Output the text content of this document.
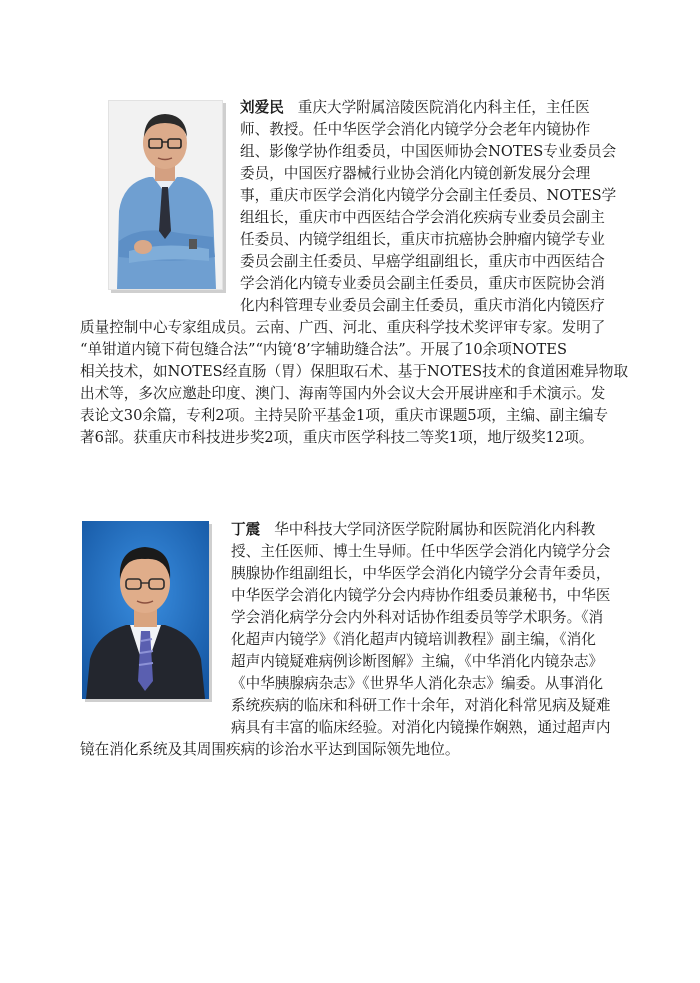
刘爱民 重庆大学附属涪陵医院消化内科主任，主任医
师、教授。任中华医学会消化内镜学分会老年内镜协作
组、影像学协作组委员，中国医师协会NOTES专业委员会
委员，中国医疗器械行业协会消化内镜创新发展分会理
事，重庆市医学会消化内镜学分会副主任委员、NOTES学
组组长，重庆市中西医结合学会消化疾病专业委员会副主
任委员、内镜学组组长，重庆市抗癌协会肿瘤内镜学专业
委员会副主任委员、早癌学组副组长，重庆市中西医结合
学会消化内镜专业委员会副主任委员，重庆市医院协会消
化内科管理专业委员会副主任委员，重庆市消化内镜医疗
质量控制中心专家组成员。云南、广西、河北、重庆科学技术奖评审专家。发明了
“单钳道内镜下荷包缝合法”“内镜‘8’字辅助缝合法”。开展了10余项NOTES
相关技术，如NOTES经直肠（胃）保胆取石术、基于NOTES技术的食道困难异物取
出术等，多次应邀赴印度、澳门、海南等国内外会议大会开展讲座和手术演示。发
表论文30余篇，专利2项。主持吴阶平基金1项，重庆市课题5项，主编、副主编专
著6部。获重庆市科技进步奖2项，重庆市医学科技二等奖1项，地厅级奖12项。
丁震 华中科技大学同济医学院附属协和医院消化内科教
授、主任医师、博士生导师。任中华医学会消化内镜学分会
胰腺协作组副组长，中华医学会消化内镜学分会青年委员，
中华医学会消化内镜学分会内痔协作组委员兼秘书，中华医
学会消化病学分会内外科对话协作组委员等学术职务。《消
化超声内镜学》《消化超声内镜培训教程》副主编，《消化
超声内镜疑难病例诊断图解》主编，《中华消化内镜杂志》
《中华胰腺病杂志》《世界华人消化杂志》编委。从事消化
系统疾病的临床和科研工作十余年，对消化科常见病及疑难
病具有丰富的临床经验。对消化内镜操作娴熟，通过超声内
镜在消化系统及其周围疾病的诊治水平达到国际领先地位。
